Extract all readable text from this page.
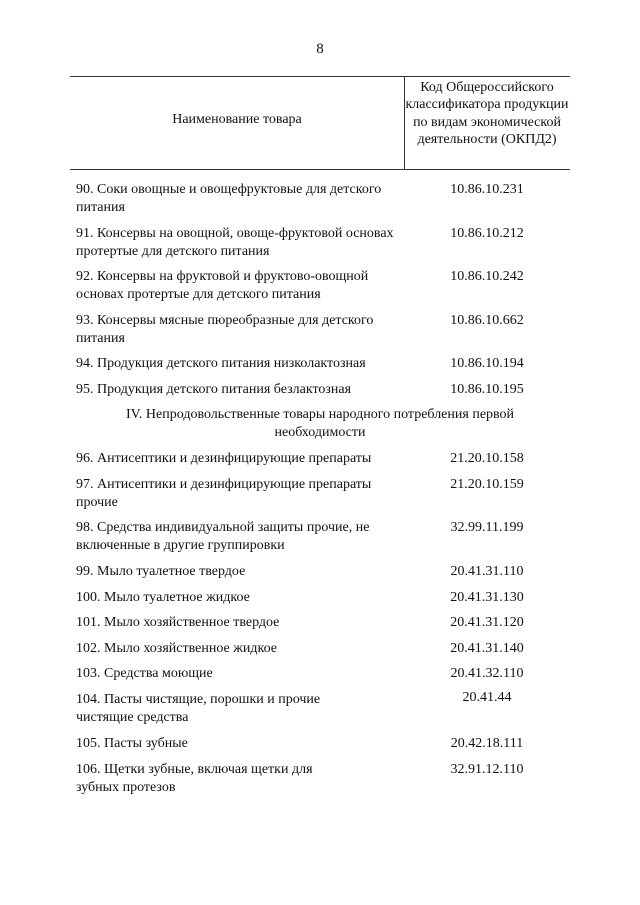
8
Наименование товара
Код Общероссийского классификатора продукции по видам экономической деятельности (ОКПД2)
90. Соки овощные и овощефруктовые для детского питания
10.86.10.231
91. Консервы на овощной, овоще-фруктовой основах протертые для детского питания
10.86.10.212
92. Консервы на фруктовой и фруктово-овощной основах протертые для детского питания
10.86.10.242
93. Консервы мясные пюреобразные для детского питания
10.86.10.662
94. Продукция детского питания низколактозная	10.86.10.194
95. Продукция детского питания безлактозная	10.86.10.195
IV. Непродовольственные товары народного потребления первой необходимости
96. Антисептики и дезинфицирующие препараты	21.20.10.158
97. Антисептики и дезинфицирующие препараты прочие
21.20.10.159
98. Средства индивидуальной защиты прочие, не включенные в другие группировки
32.99.11.199
99. Мыло туалетное твердое	20.41.31.110
100. Мыло туалетное жидкое	20.41.31.130
101. Мыло хозяйственное твердое	20.41.31.120
102. Мыло хозяйственное жидкое	20.41.31.140
103. Средства моющие	20.41.32.110
104. Пасты чистящие, порошки и прочие чистящие средства
20.41.44
105. Пасты зубные	20.42.18.111
106. Щетки зубные, включая щетки для зубных протезов
32.91.12.110
